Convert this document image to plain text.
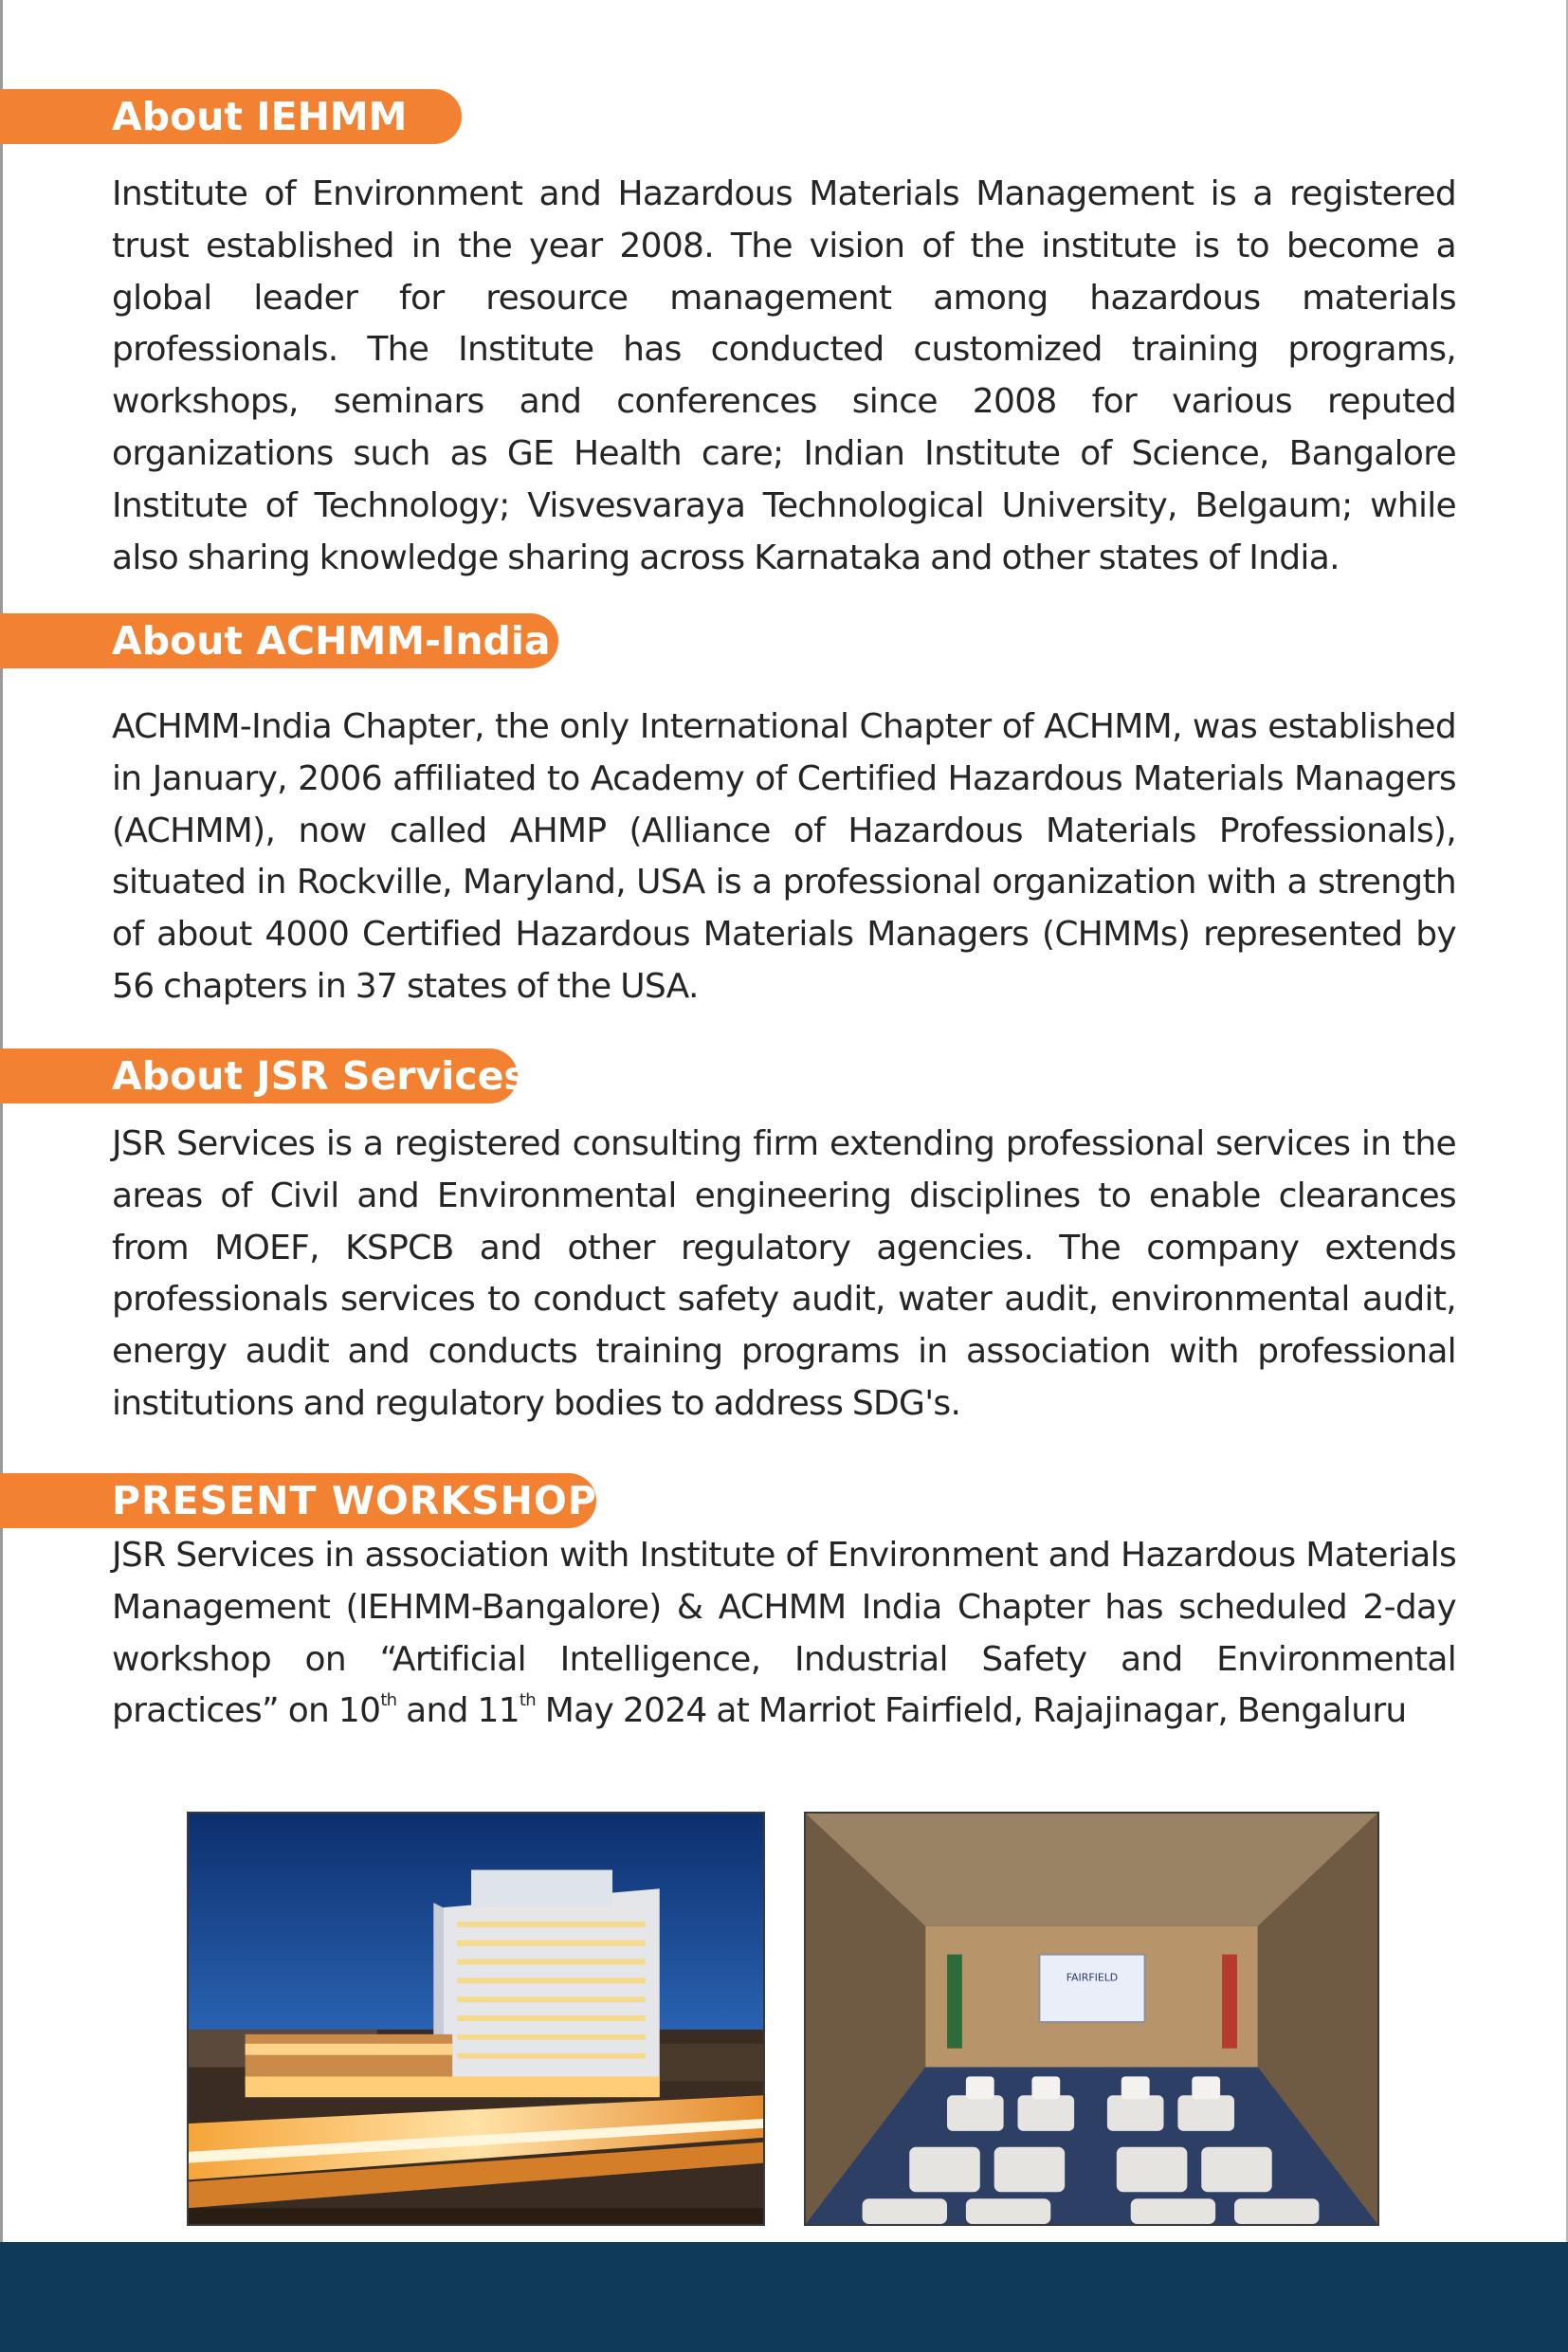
About IEHMM

Institute of Environment and Hazardous Materials Management is a registered trust established in the year 2008. The vision of the institute is to become a global leader for resource management among hazardous materials professionals. The Institute has conducted customized training programs, workshops, seminars and conferences since 2008 for various reputed organizations such as GE Health care; Indian Institute of Science, Bangalore Institute of Technology; Visvesvaraya Technological University, Belgaum; while also sharing knowledge sharing across Karnataka and other states of India.

About ACHMM-India

ACHMM-India Chapter, the only International Chapter of ACHMM, was established in January, 2006 affiliated to Academy of Certified Hazardous Materials Managers (ACHMM), now called AHMP (Alliance of Hazardous Materials Professionals), situated in Rockville, Maryland, USA is a professional organization with a strength of about 4000 Certified Hazardous Materials Managers (CHMMs) represented by 56 chapters in 37 states of the USA.

About JSR Services

JSR Services is a registered consulting firm extending professional services in the areas of Civil and Environmental engineering disciplines to enable clearances from MOEF, KSPCB and other regulatory agencies. The company extends professionals services to conduct safety audit, water audit, environmental audit, energy audit and conducts training programs in association with professional institutions and regulatory bodies to address SDG's.

PRESENT WORKSHOP

JSR Services in association with Institute of Environment and Hazardous Materials Management (IEHMM-Bangalore) & ACHMM India Chapter has scheduled 2-day workshop on “Artificial Intelligence, Industrial Safety and Environmental practices” on 10th and 11th May 2024 at Marriot Fairfield, Rajajinagar, Bengaluru

FAIRFIELD
